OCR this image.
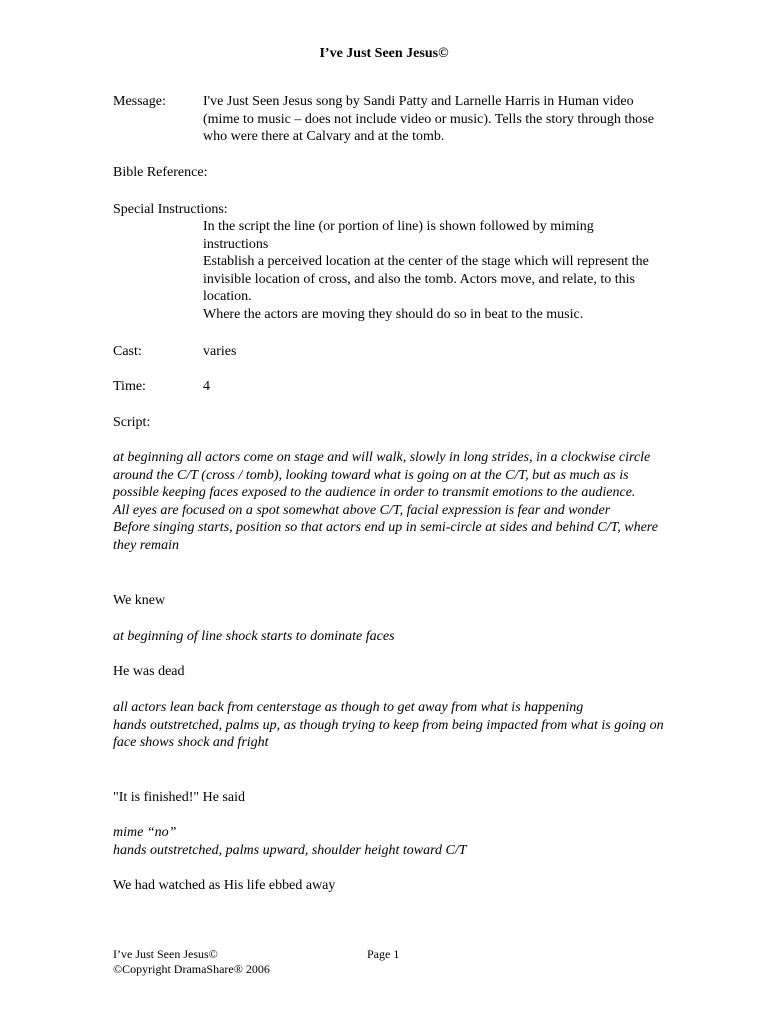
I’ve Just Seen Jesus©
Message:	I've Just Seen Jesus song by Sandi Patty and Larnelle Harris in Human video (mime to music – does not include video or music). Tells the story through those who were there at Calvary and at the tomb.
Bible Reference:
Special Instructions:
In the script the line (or portion of line) is shown followed by miming instructions
Establish a perceived location at the center of the stage which will represent the invisible location of cross, and also the tomb. Actors move, and relate, to this location.
Where the actors are moving they should do so in beat to the music.
Cast:	varies
Time:	4
Script:
at beginning all actors come on stage and will walk, slowly in long strides, in a clockwise circle around the C/T (cross / tomb), looking toward what is going on at the C/T, but as much as is possible keeping faces exposed to the audience in order to transmit emotions to the audience.
All eyes are focused on a spot somewhat above C/T, facial expression is fear and wonder
Before singing starts, position so that actors end up in semi-circle at sides and behind C/T, where they remain
We knew
at beginning of line shock starts to dominate faces
He was dead
all actors lean back from centerstage as though to get away from what is happening
hands outstretched, palms up, as though trying to keep from being impacted from what is going on
face shows shock and fright
"It is finished!" He said
mime “no”
hands outstretched, palms upward, shoulder height toward C/T
We had watched as His life ebbed away
I’ve Just Seen Jesus©
©Copyright DramaShare® 2006
Page 1
